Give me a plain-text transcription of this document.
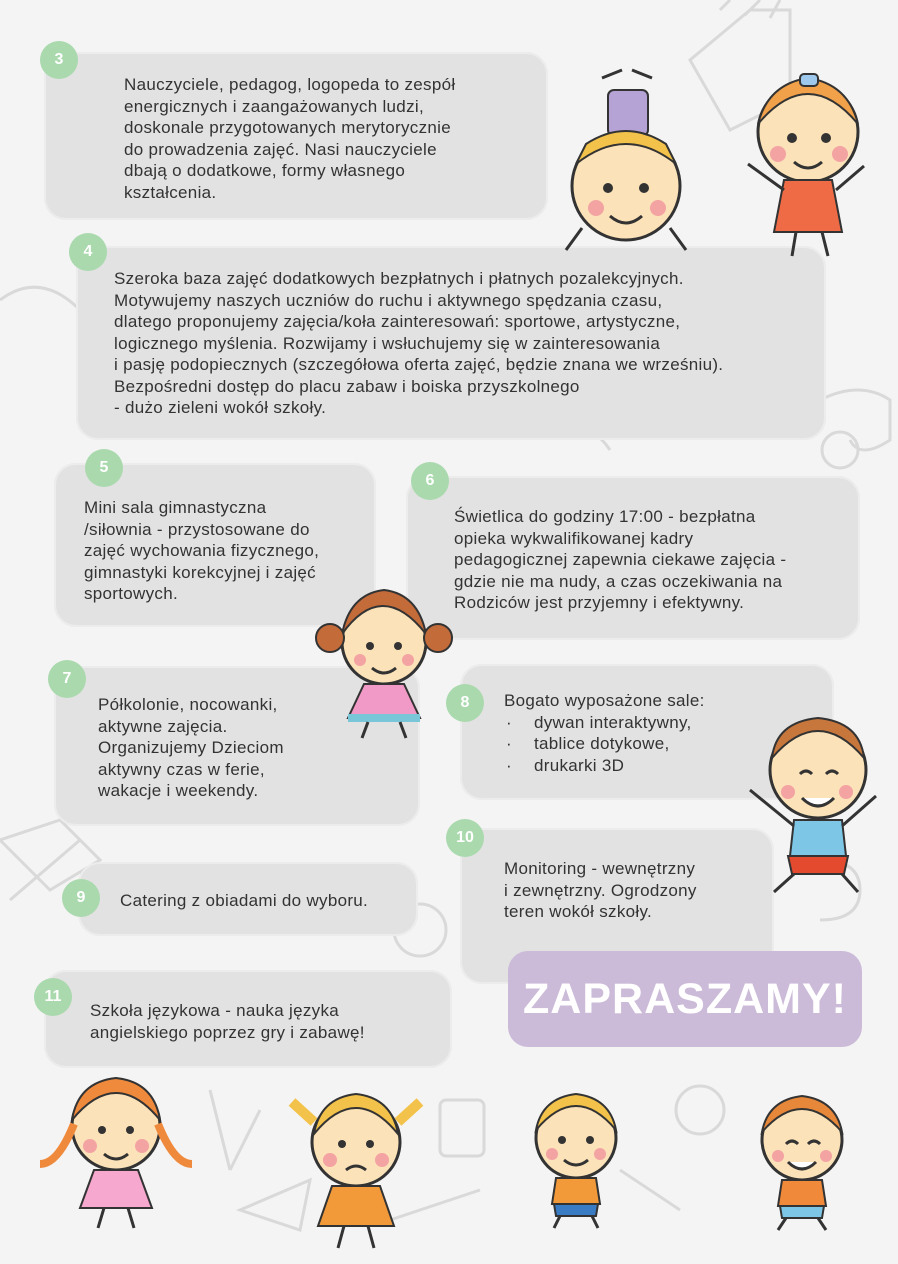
Nauczyciele, pedagog, logopeda to zespół
energicznych i zaangażowanych ludzi,
doskonale przygotowanych merytorycznie
do prowadzenia zajęć. Nasi nauczyciele
dbają o dodatkowe, formy własnego
kształcenia.
3
Szeroka baza zajęć dodatkowych bezpłatnych i płatnych pozalekcyjnych.
Motywujemy naszych uczniów do ruchu i aktywnego spędzania czasu,
dlatego proponujemy zajęcia/koła zainteresowań: sportowe, artystyczne,
logicznego myślenia. Rozwijamy i wsłuchujemy się w zainteresowania
i pasję podopiecznych (szczegółowa oferta zajęć, będzie znana we wrześniu).
Bezpośredni dostęp do placu zabaw i boiska przyszkolnego
- dużo zieleni wokół szkoły.
4
Mini sala gimnastyczna
/siłownia - przystosowane do
zajęć wychowania fizycznego,
gimnastyki korekcyjnej i zajęć
sportowych.
5
Świetlica do godziny 17:00 - bezpłatna
opieka wykwalifikowanej kadry
pedagogicznej zapewnia ciekawe zajęcia -
gdzie nie ma nudy, a czas oczekiwania na
Rodziców jest przyjemny i efektywny.
6
Półkolonie, nocowanki,
aktywne zajęcia.
Organizujemy Dzieciom
aktywny czas w ferie,
wakacje i weekendy.
7
Bogato wyposażone sale:
· dywan interaktywny,
· tablice dotykowe,
· drukarki 3D
8
Catering z obiadami do wyboru.
9
Monitoring - wewnętrzny
i zewnętrzny. Ogrodzony
teren wokół szkoły.
10
Szkoła językowa - nauka języka
angielskiego poprzez gry i zabawę!
11	ZAPRASZAMY!
